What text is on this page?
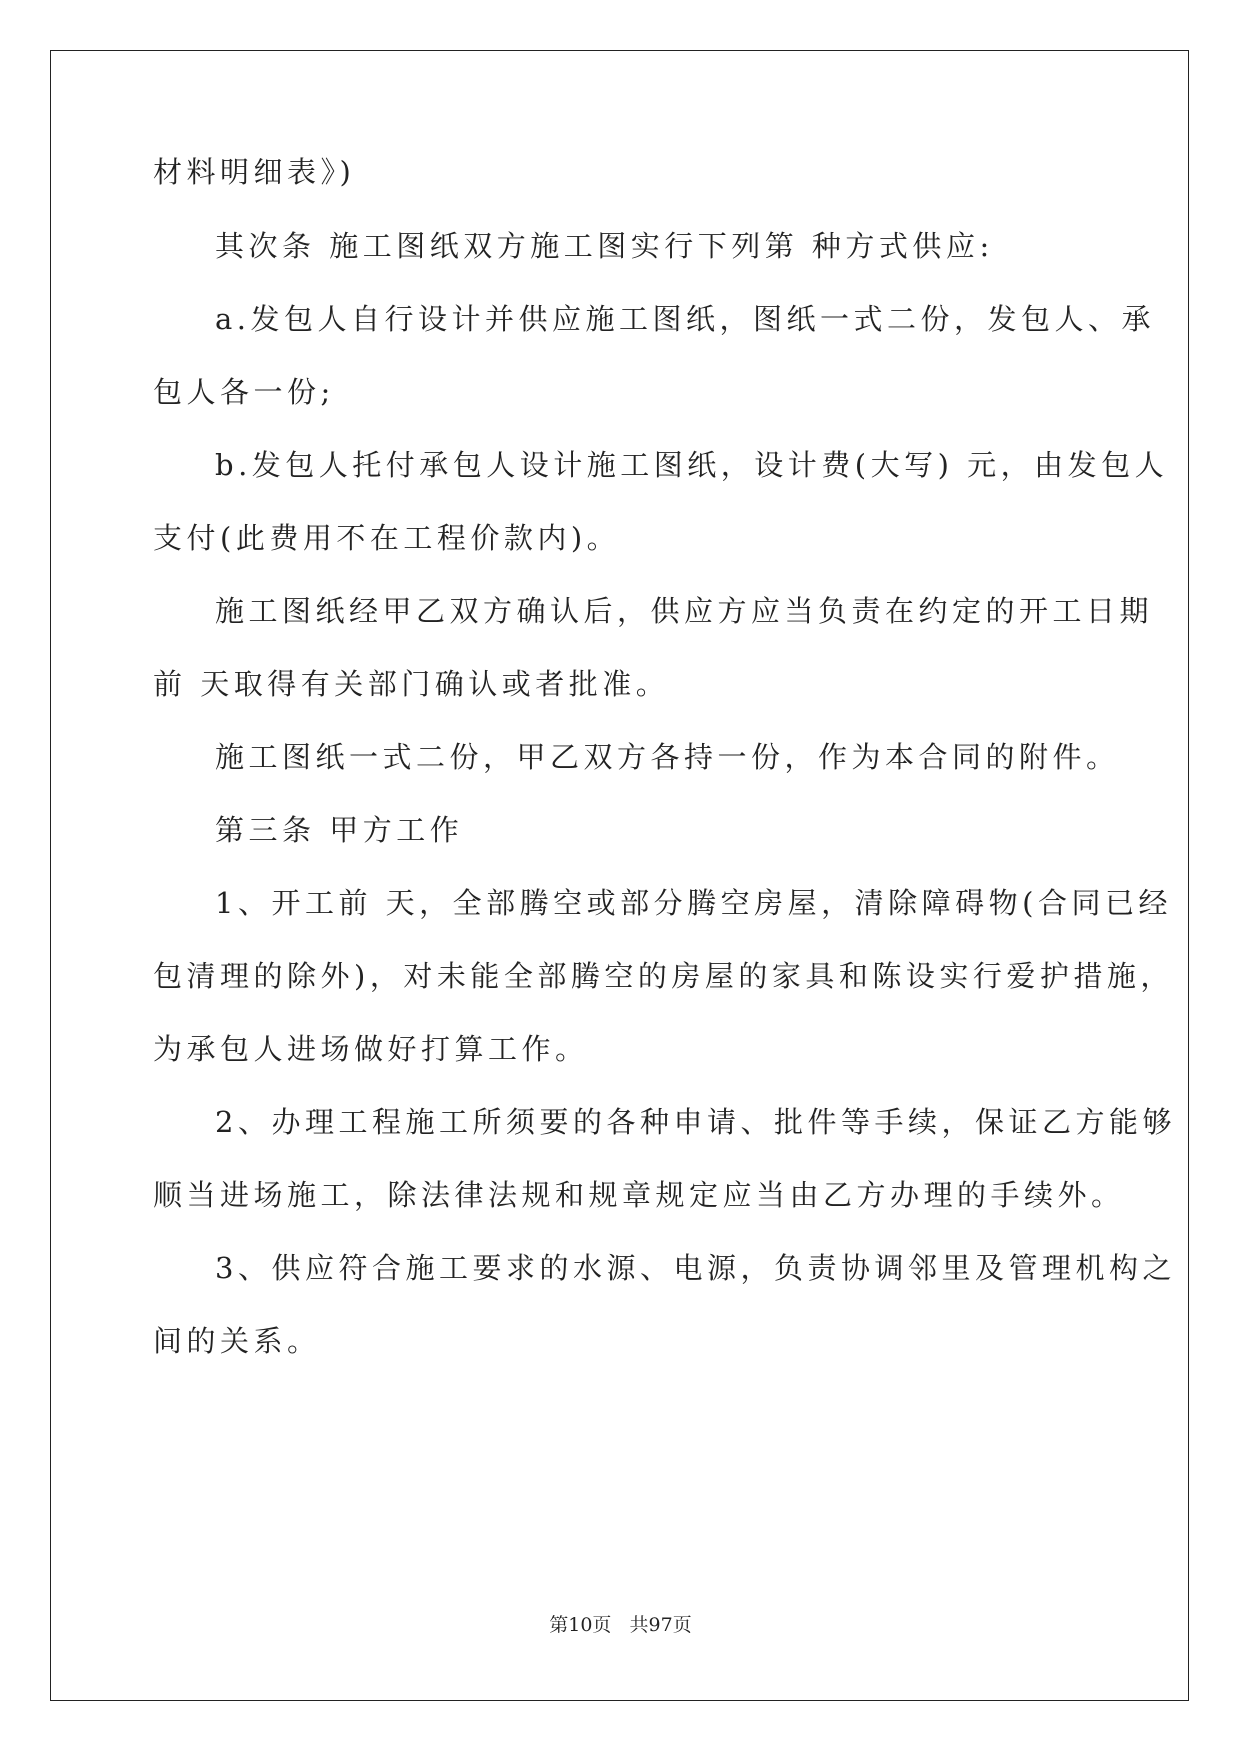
材料明细表》)
其次条 施工图纸双方施工图实行下列第 种方式供应:
a.发包人自行设计并供应施工图纸，图纸一式二份，发包人、承
包人各一份;
b.发包人托付承包人设计施工图纸，设计费(大写) 元，由发包人
支付(此费用不在工程价款内)。
施工图纸经甲乙双方确认后，供应方应当负责在约定的开工日期
前 天取得有关部门确认或者批准。
施工图纸一式二份，甲乙双方各持一份，作为本合同的附件。
第三条 甲方工作
1、开工前 天，全部腾空或部分腾空房屋，清除障碍物(合同已经
包清理的除外)，对未能全部腾空的房屋的家具和陈设实行爱护措施，
为承包人进场做好打算工作。
2、办理工程施工所须要的各种申请、批件等手续，保证乙方能够
顺当进场施工，除法律法规和规章规定应当由乙方办理的手续外。
3、供应符合施工要求的水源、电源，负责协调邻里及管理机构之
间的关系。
第10页   共97页
